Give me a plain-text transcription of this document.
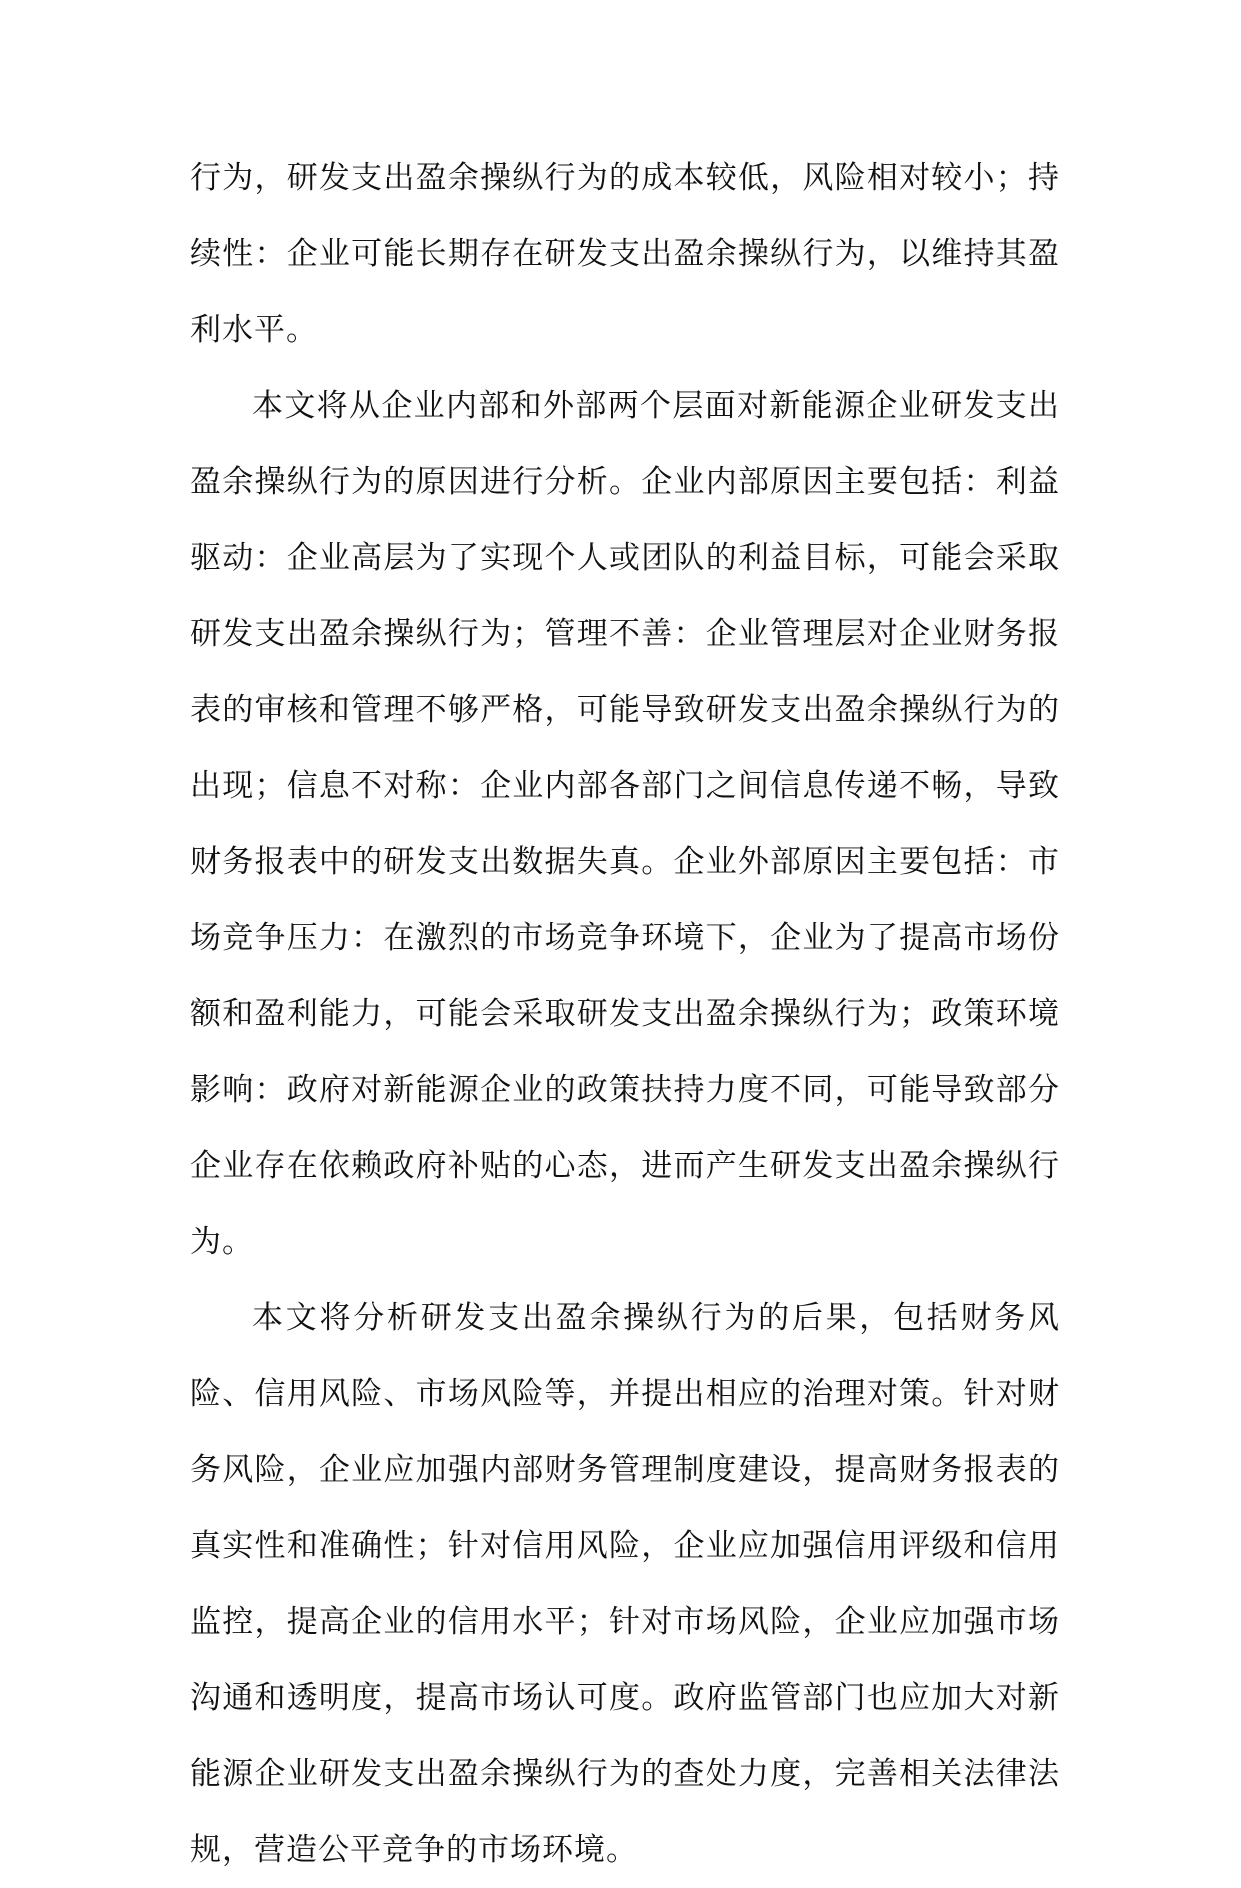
行为，研发支出盈余操纵行为的成本较低，风险相对较小；持续性：企业可能长期存在研发支出盈余操纵行为，以维持其盈利水平。

本文将从企业内部和外部两个层面对新能源企业研发支出盈余操纵行为的原因进行分析。企业内部原因主要包括：利益驱动：企业高层为了实现个人或团队的利益目标，可能会采取研发支出盈余操纵行为；管理不善：企业管理层对企业财务报表的审核和管理不够严格，可能导致研发支出盈余操纵行为的出现；信息不对称：企业内部各部门之间信息传递不畅，导致财务报表中的研发支出数据失真。企业外部原因主要包括：市场竞争压力：在激烈的市场竞争环境下，企业为了提高市场份额和盈利能力，可能会采取研发支出盈余操纵行为；政策环境影响：政府对新能源企业的政策扶持力度不同，可能导致部分企业存在依赖政府补贴的心态，进而产生研发支出盈余操纵行为。

本文将分析研发支出盈余操纵行为的后果，包括财务风险、信用风险、市场风险等，并提出相应的治理对策。针对财务风险，企业应加强内部财务管理制度建设，提高财务报表的真实性和准确性；针对信用风险，企业应加强信用评级和信用监控，提高企业的信用水平；针对市场风险，企业应加强市场沟通和透明度，提高市场认可度。政府监管部门也应加大对新能源企业研发支出盈余操纵行为的查处力度，完善相关法律法规，营造公平竞争的市场环境。
